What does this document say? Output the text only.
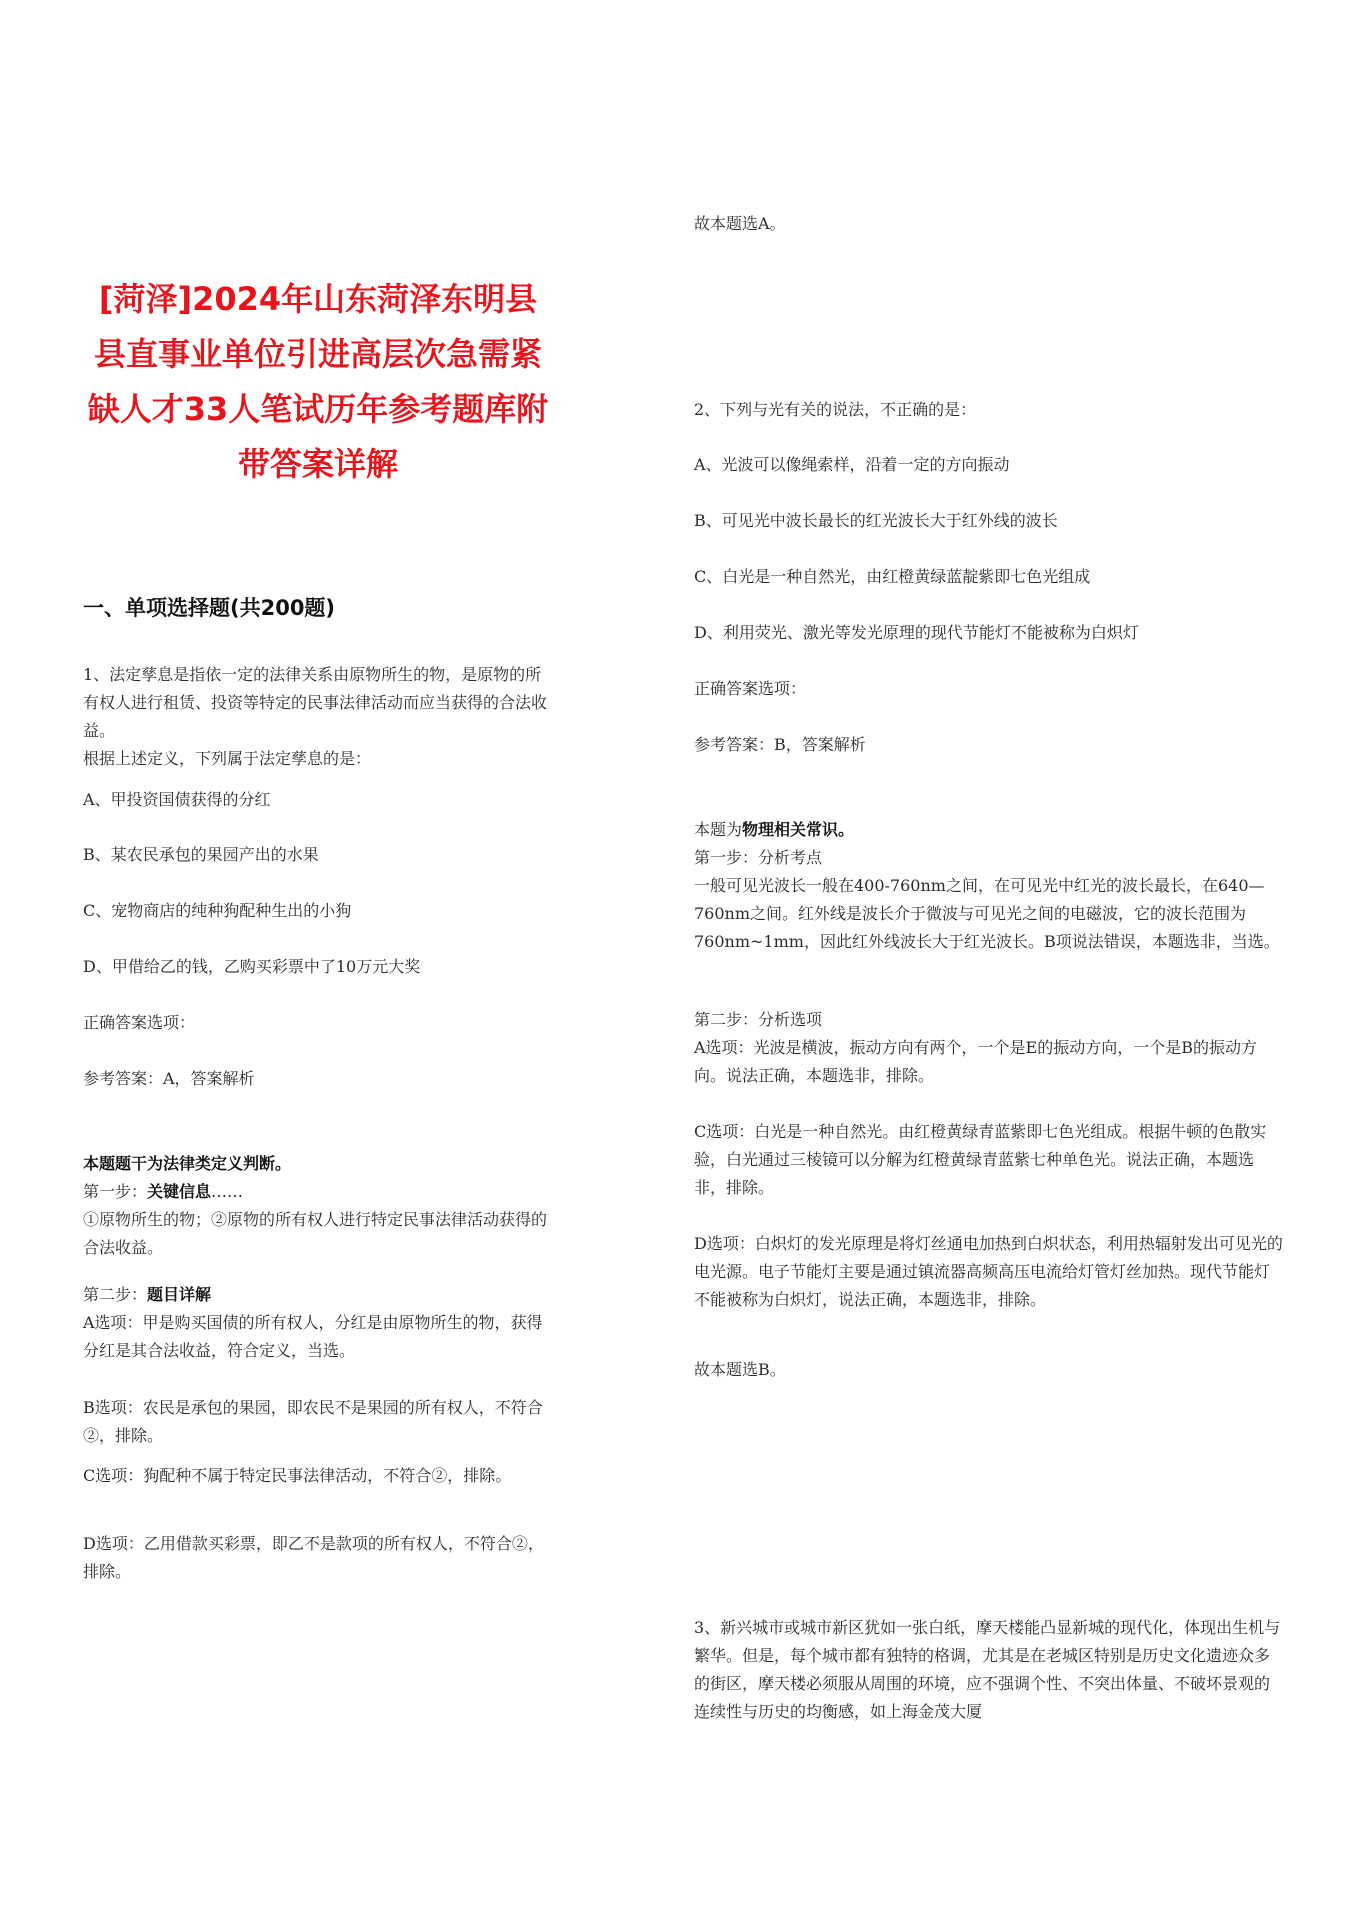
[菏泽]2024年山东菏泽东明县县直事业单位引进高层次急需紧缺人才33人笔试历年参考题库附带答案详解
一、单项选择题(共200题)

1、法定孳息是指依一定的法律关系由原物所生的物，是原物的所有权人进行租赁、投资等特定的民事法律活动而应当获得的合法收益。
根据上述定义，下列属于法定孳息的是：

A、甲投资国债获得的分红

B、某农民承包的果园产出的水果

C、宠物商店的纯种狗配种生出的小狗

D、甲借给乙的钱，乙购买彩票中了10万元大奖

正确答案选项：

参考答案：A，答案解析

本题题干为法律类定义判断。

第一步：关键信息……
①原物所生的物；②原物的所有权人进行特定民事法律活动获得的合法收益。

第二步：题目详解

A选项：甲是购买国债的所有权人，分红是由原物所生的物，获得分红是其合法收益，符合定义，当选。

B选项：农民是承包的果园，即农民不是果园的所有权人，不符合②，排除。

C选项：狗配种不属于特定民事法律活动，不符合②，排除。

D选项：乙用借款买彩票，即乙不是款项的所有权人，不符合②，排除。

故本题选A。

2、下列与光有关的说法，不正确的是：

A、光波可以像绳索样，沿着一定的方向振动

B、可见光中波长最长的红光波长大于红外线的波长

C、白光是一种自然光，由红橙黄绿蓝靛紫即七色光组成

D、利用荧光、激光等发光原理的现代节能灯不能被称为白炽灯

正确答案选项：

参考答案：B，答案解析

本题为物理相关常识。

第一步：分析考点

一般可见光波长一般在400-760nm之间，在可见光中红光的波长最长，在640—760nm之间。红外线是波长介于微波与可见光之间的电磁波，它的波长范围为760nm~1mm，因此红外线波长大于红光波长。B项说法错误，本题选非，当选。

第二步：分析选项

A选项：光波是横波，振动方向有两个，一个是E的振动方向，一个是B的振动方向。说法正确，本题选非，排除。

C选项：白光是一种自然光。由红橙黄绿青蓝紫即七色光组成。根据牛顿的色散实验，白光通过三棱镜可以分解为红橙黄绿青蓝紫七种单色光。说法正确，本题选非，排除。

D选项：白炽灯的发光原理是将灯丝通电加热到白炽状态，利用热辐射发出可见光的电光源。电子节能灯主要是通过镇流器高频高压电流给灯管灯丝加热。现代节能灯不能被称为白炽灯，说法正确，本题选非，排除。

故本题选B。

3、新兴城市或城市新区犹如一张白纸，摩天楼能凸显新城的现代化，体现出生机与繁华。但是，每个城市都有独特的格调，尤其是在老城区特别是历史文化遗迹众多的街区，摩天楼必须服从周围的环境，应不强调个性、不突出体量、不破坏景观的连续性与历史的均衡感，如上海金茂大厦
